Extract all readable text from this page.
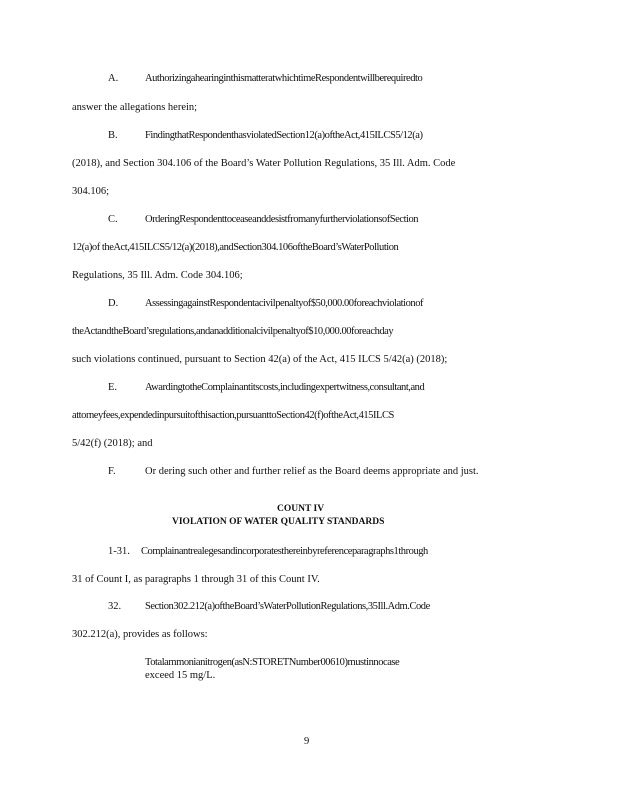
A.	AuthorizingahearinginthismatteratwhichtimeRespondentwillberequiredto
answer the allegations herein;
B.	FindingthatRespondenthasviolatedSection12(a)oftheAct,415ILCS5/12(a)
(2018), and Section 304.106 of the Board’s Water Pollution Regulations, 35 Ill. Adm. Code
304.106;
C.	OrderingRespondenttoceaseanddesistfromanyfurtherviolationsofSection
12(a)of theAct,415ILCS5/12(a)(2018),andSection304.106oftheBoard’sWaterPollution
Regulations, 35 Ill. Adm. Code 304.106;
D.	AssessingagainstRespondentacivilpenaltyof$50,000.00foreachviolationof
theActandtheBoard’sregulations,andanadditionalcivilpenaltyof$10,000.00foreachday
such violations continued, pursuant to Section 42(a) of the Act, 415 ILCS 5/42(a) (2018);
E.	AwardingtotheComplainantitscosts,includingexpertwitness,consultant,and
attorneyfees,expendedinpursuitofthisaction,pursuanttoSection42(f)oftheAct,415ILCS
5/42(f) (2018); and
F.	Or dering such other and further relief as the Board deems appropriate and just.
COUNT IV
VIOLATION OF WATER QUALITY STANDARDS
1-31. Complainantrealegesandincorporatesthereinbyreferenceparagraphs1through
31 of Count I, as paragraphs 1 through 31 of this Count IV.
32. Section302.212(a)oftheBoard’sWaterPollutionRegulations,35Ill.Adm.Code
302.212(a), provides as follows:
Totalammonianitrogen(asN:STORETNumber00610)mustinnocase
exceed 15 mg/L.
9
